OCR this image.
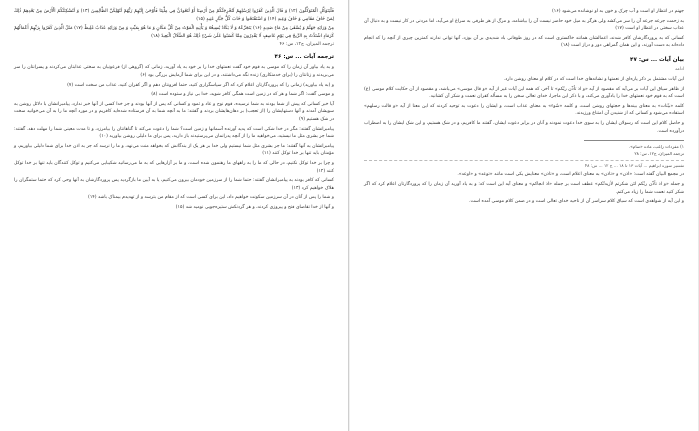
فَلْيَتَوَكَّلِ الْمُتَوَكِّلُونَ (۱۲) وَ قَالَ الَّذِينَ كَفَرُوا لِرُسُلِهِمْ لَنُخْرِجَنَّكُمْ مِنْ أَرْضِنَا أَوْ لَتَعُودُنَّ فِي مِلَّتِنَا فَأَوْحَىٰ إِلَيْهِمْ رَبُّهُمْ لَنُهْلِكَنَّ الظَّالِمِينَ (۱۳) وَ لَنُسْكِنَنَّكُمُ الْأَرْضَ مِنْ بَعْدِهِمْ ذَٰلِكَ لِمَنْ خَافَ مَقَامِي وَ خَافَ وَعِيدِ (۱۴) وَ اسْتَفْتَحُوا وَ خَابَ كُلُّ جَبَّارٍ عَنِيدٍ (۱۵)

مِنْ وَرَائِهِ جَهَنَّمُ وَ يُسْقَىٰ مِنْ مَاءٍ صَدِيدٍ (۱۶) يَتَجَرَّعُهُ وَ لَا يَكَادُ يُسِيغُهُ وَ يَأْتِيهِ الْمَوْتُ مِنْ كُلِّ مَكَانٍ وَ مَا هُوَ بِمَيِّتٍ وَ مِنْ وَرَائِهِ عَذَابٌ غَلِيظٌ (۱۷) مَثَلُ الَّذِينَ كَفَرُوا بِرَبِّهِمْ أَعْمَالُهُمْ كَرَمَادٍ اشْتَدَّتْ بِهِ الرِّيحُ فِي يَوْمٍ عَاصِفٍ لَا يَقْدِرُونَ مِمَّا كَسَبُوا عَلَىٰ شَيْءٍ ذَٰلِكَ هُوَ الضَّلَالُ الْبَعِيدُ (۱۸)

ترجمه المیزان، ج۱۲، س: ۴۶

ترجمه آیات ... س: ۴۶

و به یاد بیاور آن زمان را که موسی به قوم خود گفت نعمتهای خدا را بر خود به یاد آورید، زمانی که (گروهی از) فرعونیان به سختی عذابتان می‌کردند و پسرانتان را سر می‌بریدند و زنانتان را (برای خدمتکاری) زنده نگه می‌داشتند، و در این برای شما آزمایش بزرگی بود (۶)

و (به یاد بیاورید) زمانی را که پروردگارتان اعلام کرد که اگر سپاسگزاری کنید، حتما افزونتان دهم و اگر کفران کنید، عذاب من سخت است (۷)

و موسی گفت: اگر شما و هر که در زمین است همگی کافر شوید، خدا بی نیاز و ستوده است (۸)

آیا خبر کسانی که پیش از شما بودند به شما نرسیده، قوم نوح و عاد و ثمود و کسانی که پس از آنها بودند و جز خدا کسی از آنها خبر ندارد، پیامبرانشان با دلائل روشن به سویشان آمدند و آنها دستهایشان را (از تعجب) بر دهان‌هایشان بردند و گفتند: ما به آنچه شما به آن فرستاده شده‌اید کافریم و در مورد آنچه ما را به آن می‌خوانید سخت در شک هستیم (۹)

پیامبرانشان گفتند: مگر در خدا شکی است که پدید آورنده آسمانها و زمین است؟ شما را دعوت می‌کند تا گناهانتان را بیامرزد، و تا مدت معینی شما را مهلت دهد. گفتند: شما جز بشری مثل ما نیستید، می‌خواهید ما را از آنچه پدرانمان می‌پرستیدند باز دارید، پس برای ما دلیلی روشن بیاورید (۱۰)

پیامبرانشان به آنها گفتند: ما جز بشری مثل شما نیستیم ولی خدا بر هر یک از بندگانش که بخواهد منت می‌نهد، و ما را نرسد که جز به اذن خدا برای شما دلیلی بیاوریم، و مؤمنان باید تنها بر خدا توکل کنند (۱۱)

و چرا بر خدا توکل نکنیم، در حالی که ما را به راههای ما رهنمون شده است، و ما بر آزارهایی که به ما می‌رسانید شکیبایی می‌کنیم و توکل کنندگان باید تنها بر خدا توکل کنند (۱۲)

کسانی که کافر بودند به پیامبرانشان گفتند: حتما شما را از سرزمین خودمان بیرون می‌کنیم، یا به آیین ما بازگردید پس پروردگارشان به آنها وحی کرد که حتما ستمگران را هلاک خواهیم کرد (۱۳)

و شما را پس از آنان در آن سرزمین سکونت خواهیم داد، این برای کسی است که از مقام من بترسد و از تهدیدم بیمناک باشد (۱۴)

و آنها از خدا تقاضای فتح و پیروزی کردند، و هر گردنکش ستیزه‌جویی نومید شد (۱۵)

جهنم در انتظار او است و آب چرک و خون به او نوشانده می‌شود (۱۶)

به زحمت جرعه جرعه آن را سر می‌کشد ولی هرگز به میل خود حاضر نیست آن را بیاشامد، و مرگ از هر طرفی به سراغ او می‌آید، اما مردنی در کار نیست و به دنبال آن عذاب سختی در انتظار او است (۱۷)

کسانی که به پروردگارشان کافر شدند، اعمالشان همانند خاکستری است که در روز طوفانی باد شدیدی بر آن بوزد، آنها توانی ندارند کمترین چیزی از آنچه را که انجام داده‌اند به دست آورند، و این همان گمراهی دور و دراز است (۱۸)

بیان آیات ... س: ۴۷

ادامه

این آیات مشتمل بر ذکر پاره‌ای از نعمتها و نشانه‌های خدا است که در کلام او معنای روشن دارد.

از ظاهر سیاق این آیات بر می‌آید که مقصود از آیه «و اذ تأذّن ربّکم» تا آخر، که همه این آیات غیر از آیه «و قال موسی» می‌باشد، و مقصود از آن حکایت کلام موسی (ع) است که به قوم خود نعمتهای خدا را یادآوری می‌کند، و با ذکر این ماجرا، خدای تعالی سخن را به مسأله کفران نعمت و شکر آن کشانید.

کلمه «بیّنات» به معنای بینه‌ها و حجتهای روشن است، و کلمه «سُوء» به معنای عذاب است، و ایشان را دعوت به توحید کردند که این معنا از آیه «و قالت رسلهم» استفاده می‌شود و کسانی که از شنیدن آن امتناع ورزیدند.

و حاصل کلام این است که رسولان ایشان را به سوی خدا دعوت نمودند و آنان در برابر دعوت ایشان، گفتند ما کافریم، و در شک هستیم، و این شک ایشان را به اضطراب درآورده است.

۱) مفردات راغب، ماده «سام».

ترجمه المیزان، ج۱۲، س: ۲۸

تفسیر سوره ابراهیم ... آیات ۱۳ تا ۱۸ ... ج ۱۲ ... س: ۴۸

در مجمع البیان گفته است: «اذن» و «تاذن» به معنای اعلام است، و «تاذن» معنایش یکی است مانند «توعد» و «اوعد».

و جمله «و اذ تأذّن ربّکم لئن شکرتم لأزیدنّکم» عطف است بر جمله «اذ انجاکم» و معنای آیه این است که: و به یاد آورید آن زمان را که پروردگارتان اعلام کرد که اگر شکر کنید نعمت شما را زیاد می‌کنم.

و این آیه از شواهدی است که سیاق کلام سراسر آن از ناحیه خدای تعالی است و در ضمن کلام موسی آمده است.
